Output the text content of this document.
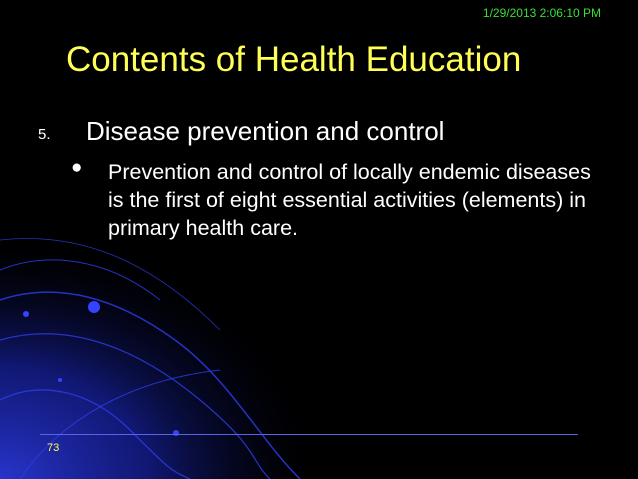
1/29/2013 2:06:10 PM
Contents of Health Education
5. Disease prevention and control
● Prevention and control of locally endemic diseases is the first of eight essential activities (elements) in primary health care.
73
